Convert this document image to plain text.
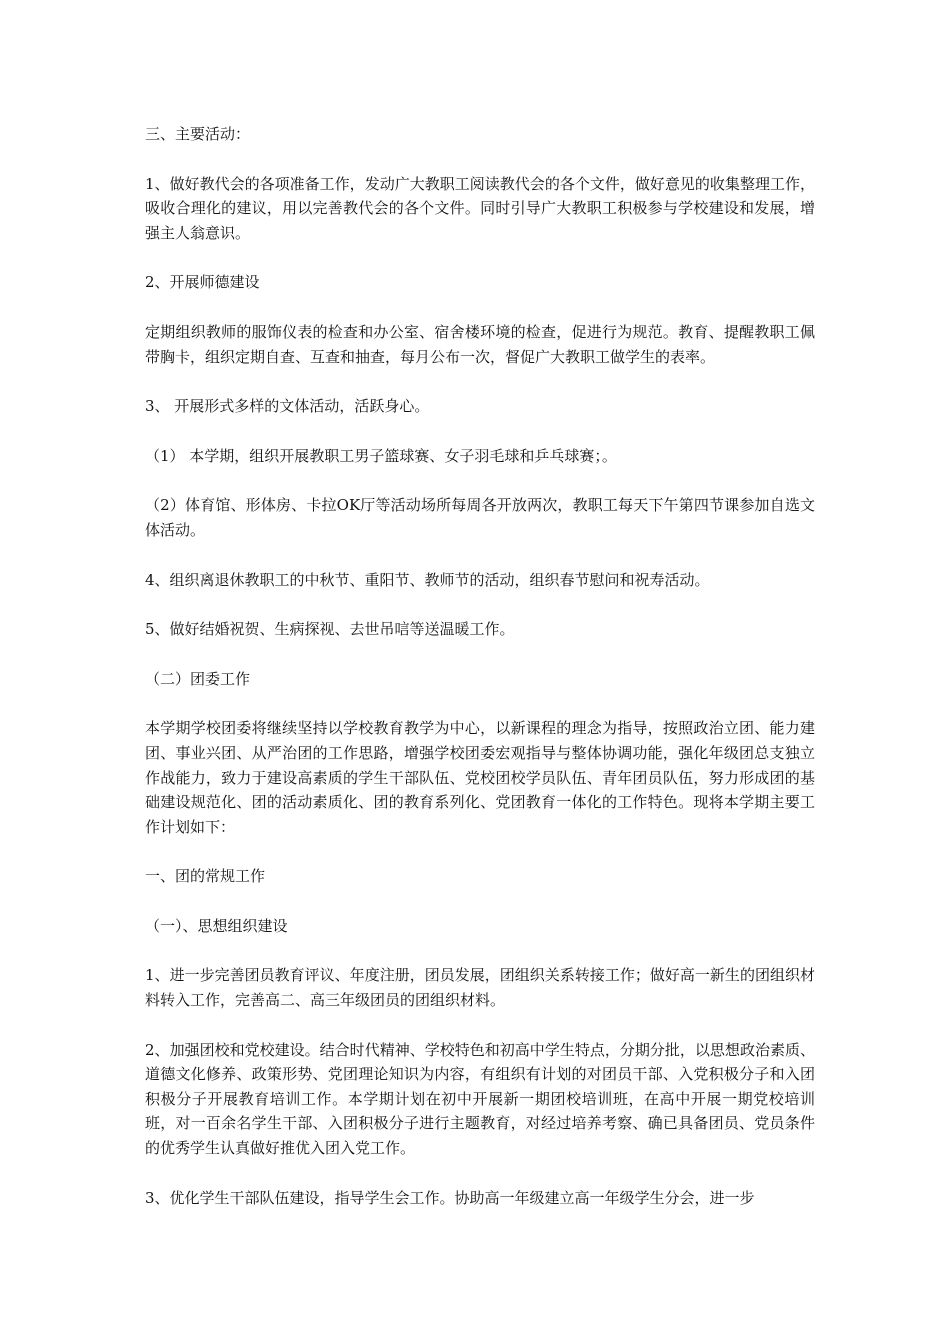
三、主要活动：

1、做好教代会的各项准备工作，发动广大教职工阅读教代会的各个文件，做好意见的收集整理工作，吸收合理化的建议，用以完善教代会的各个文件。同时引导广大教职工积极参与学校建设和发展，增强主人翁意识。

2、开展师德建设

定期组织教师的服饰仪表的检查和办公室、宿舍楼环境的检查，促进行为规范。教育、提醒教职工佩带胸卡，组织定期自查、互查和抽查，每月公布一次，督促广大教职工做学生的表率。

3、 开展形式多样的文体活动，活跃身心。

（1） 本学期，组织开展教职工男子篮球赛、女子羽毛球和乒乓球赛；。

（2）体育馆、形体房、卡拉OK厅等活动场所每周各开放两次，教职工每天下午第四节课参加自选文体活动。

4、组织离退休教职工的中秋节、重阳节、教师节的活动，组织春节慰问和祝寿活动。

5、做好结婚祝贺、生病探视、去世吊唁等送温暖工作。

（二）团委工作

本学期学校团委将继续坚持以学校教育教学为中心，以新课程的理念为指导，按照政治立团、能力建团、事业兴团、从严治团的工作思路，增强学校团委宏观指导与整体协调功能，强化年级团总支独立作战能力，致力于建设高素质的学生干部队伍、党校团校学员队伍、青年团员队伍，努力形成团的基础建设规范化、团的活动素质化、团的教育系列化、党团教育一体化的工作特色。现将本学期主要工作计划如下：

一、团的常规工作

（一）、思想组织建设

1、进一步完善团员教育评议、年度注册，团员发展，团组织关系转接工作；做好高一新生的团组织材料转入工作，完善高二、高三年级团员的团组织材料。

2、加强团校和党校建设。结合时代精神、学校特色和初高中学生特点，分期分批，以思想政治素质、道德文化修养、政策形势、党团理论知识为内容，有组织有计划的对团员干部、入党积极分子和入团积极分子开展教育培训工作。本学期计划在初中开展新一期团校培训班，在高中开展一期党校培训班，对一百余名学生干部、入团积极分子进行主题教育，对经过培养考察、确已具备团员、党员条件的优秀学生认真做好推优入团入党工作。

3、优化学生干部队伍建设，指导学生会工作。协助高一年级建立高一年级学生分会，进一步
